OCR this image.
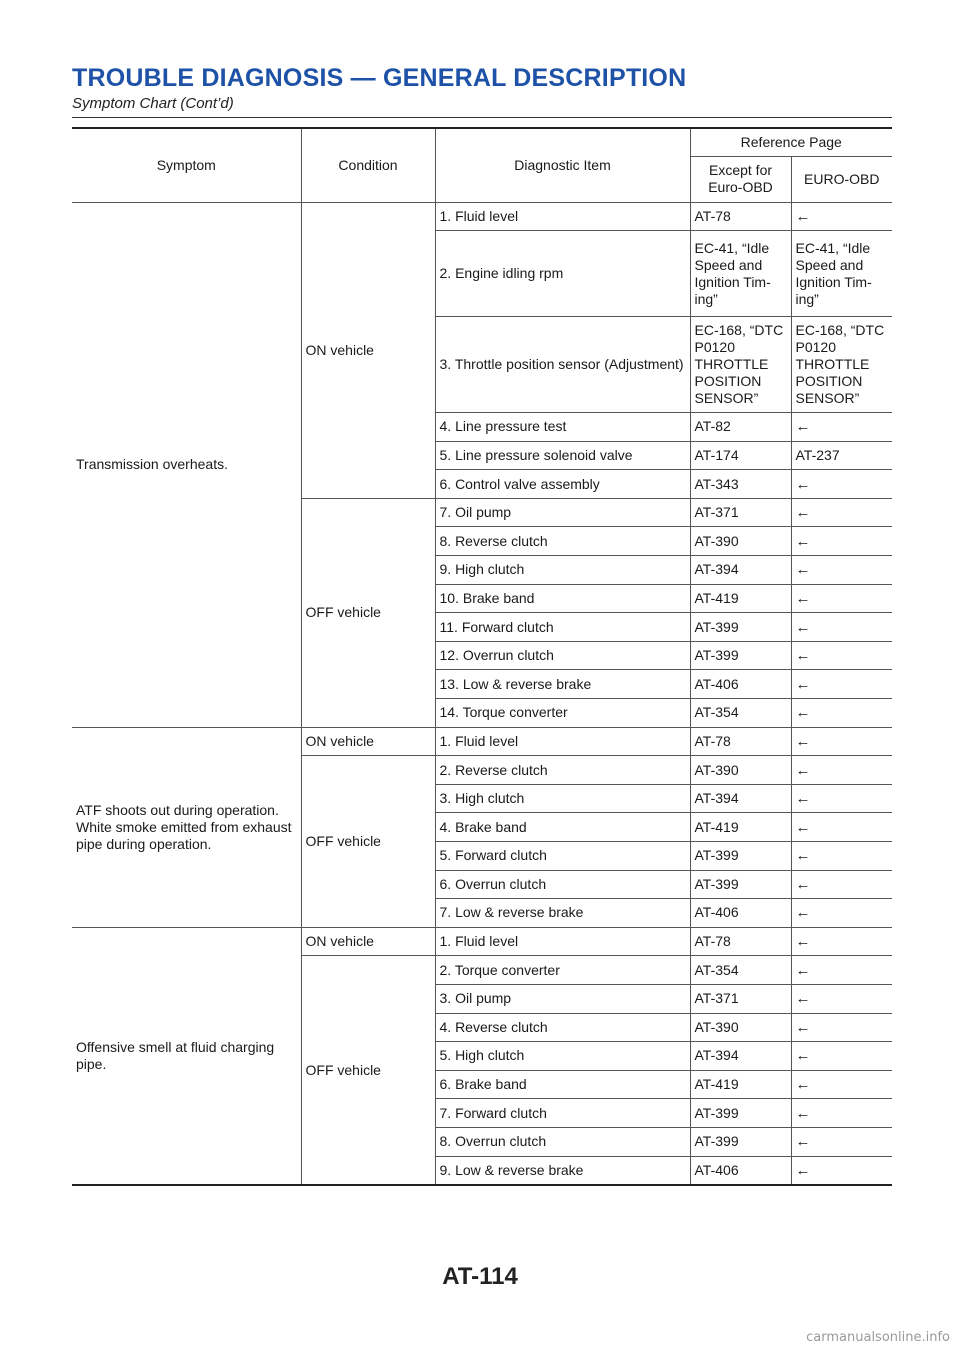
TROUBLE DIAGNOSIS — GENERAL DESCRIPTION
Symptom Chart (Cont’d)
Symptom	Condition	Diagnostic Item	Reference Page	
			Except for Euro-OBD	EURO-OBD
Transmission overheats.	ON vehicle	1. Fluid level	AT-78	←
		2. Engine idling rpm	EC-41, “Idle Speed and Ignition Tim- ing”	EC-41, “Idle Speed and Ignition Tim- ing”
		3. Throttle position sensor (Adjustment)	EC-168, “DTC P0120 THROTTLE POSITION SENSOR”	EC-168, “DTC P0120 THROTTLE POSITION SENSOR”
		4. Line pressure test	AT-82	←
		5. Line pressure solenoid valve	AT-174	AT-237
		6. Control valve assembly	AT-343	←
	OFF vehicle	7. Oil pump	AT-371	←
		8. Reverse clutch	AT-390	←
		9. High clutch	AT-394	←
		10. Brake band	AT-419	←
		11. Forward clutch	AT-399	←
		12. Overrun clutch	AT-399	←
		13. Low & reverse brake	AT-406	←
		14. Torque converter	AT-354	←
ATF shoots out during operation. White smoke emitted from exhaust pipe during operation.	ON vehicle	1. Fluid level	AT-78	←
	OFF vehicle	2. Reverse clutch	AT-390	←
		3. High clutch	AT-394	←
		4. Brake band	AT-419	←
		5. Forward clutch	AT-399	←
		6. Overrun clutch	AT-399	←
		7. Low & reverse brake	AT-406	←
Offensive smell at fluid charging pipe.	ON vehicle	1. Fluid level	AT-78	←
	OFF vehicle	2. Torque converter	AT-354	←
		3. Oil pump	AT-371	←
		4. Reverse clutch	AT-390	←
		5. High clutch	AT-394	←
		6. Brake band	AT-419	←
		7. Forward clutch	AT-399	←
		8. Overrun clutch	AT-399	←
		9. Low & reverse brake	AT-406	←
AT-114
carmanualsonline.info
